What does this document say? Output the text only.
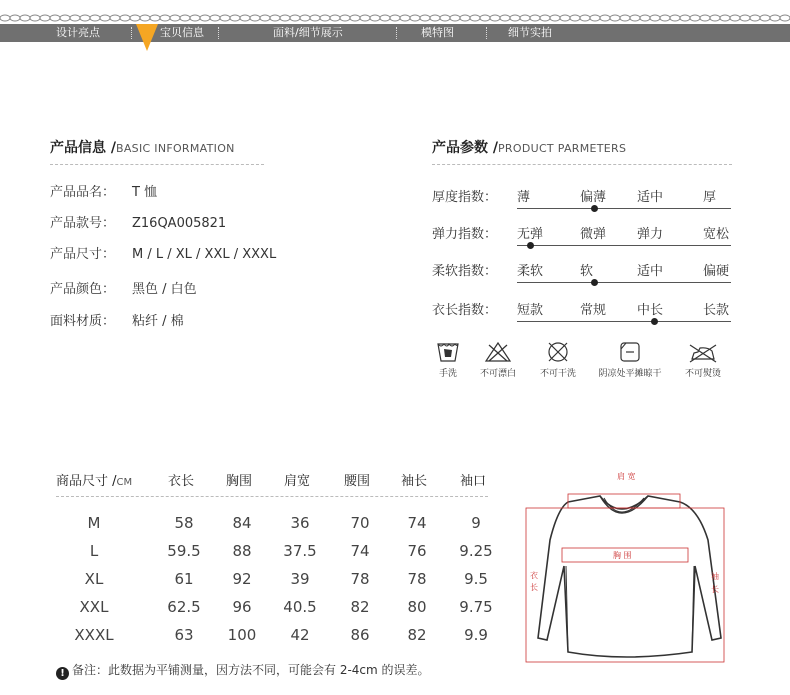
设计亮点	宝贝信息	面料/细节展示	模特图	细节实拍
产品信息 /BASIC INFORMATION
产品品名： T 恤
产品款号： Z16QA005821
产品尺寸： M / L / XL / XXL / XXXL
产品颜色： 黑色 / 白色
面料材质： 粘纤 / 棉
产品参数 /PRODUCT PARMETERS
厚度指数： 薄	偏薄 适中	厚
弹力指数： 无弹	微弹 弹力	宽松
柔软指数： 柔软	软	适中	偏硬
衣长指数： 短款	常规 中长	长款
手洗	不可漂白	不可干洗	阴凉处平摊晾干	不可熨烫
商品尺寸 /CM	衣长 胸围 肩宽	腰围 袖长	袖口
M	58	84	36	70	74	9
L	59.5	88	37.5	74	76	9.25
XL	61	92	39	78	78	9.5
XXL	62.5	96	40.5	82	80	9.75
XXXL	63	100	42	86	82	9.9
! 备注：此数据为平铺测量，因方法不同，可能会有 2-4cm 的误差。
肩 宽
胸 围
衣
长
袖
长
